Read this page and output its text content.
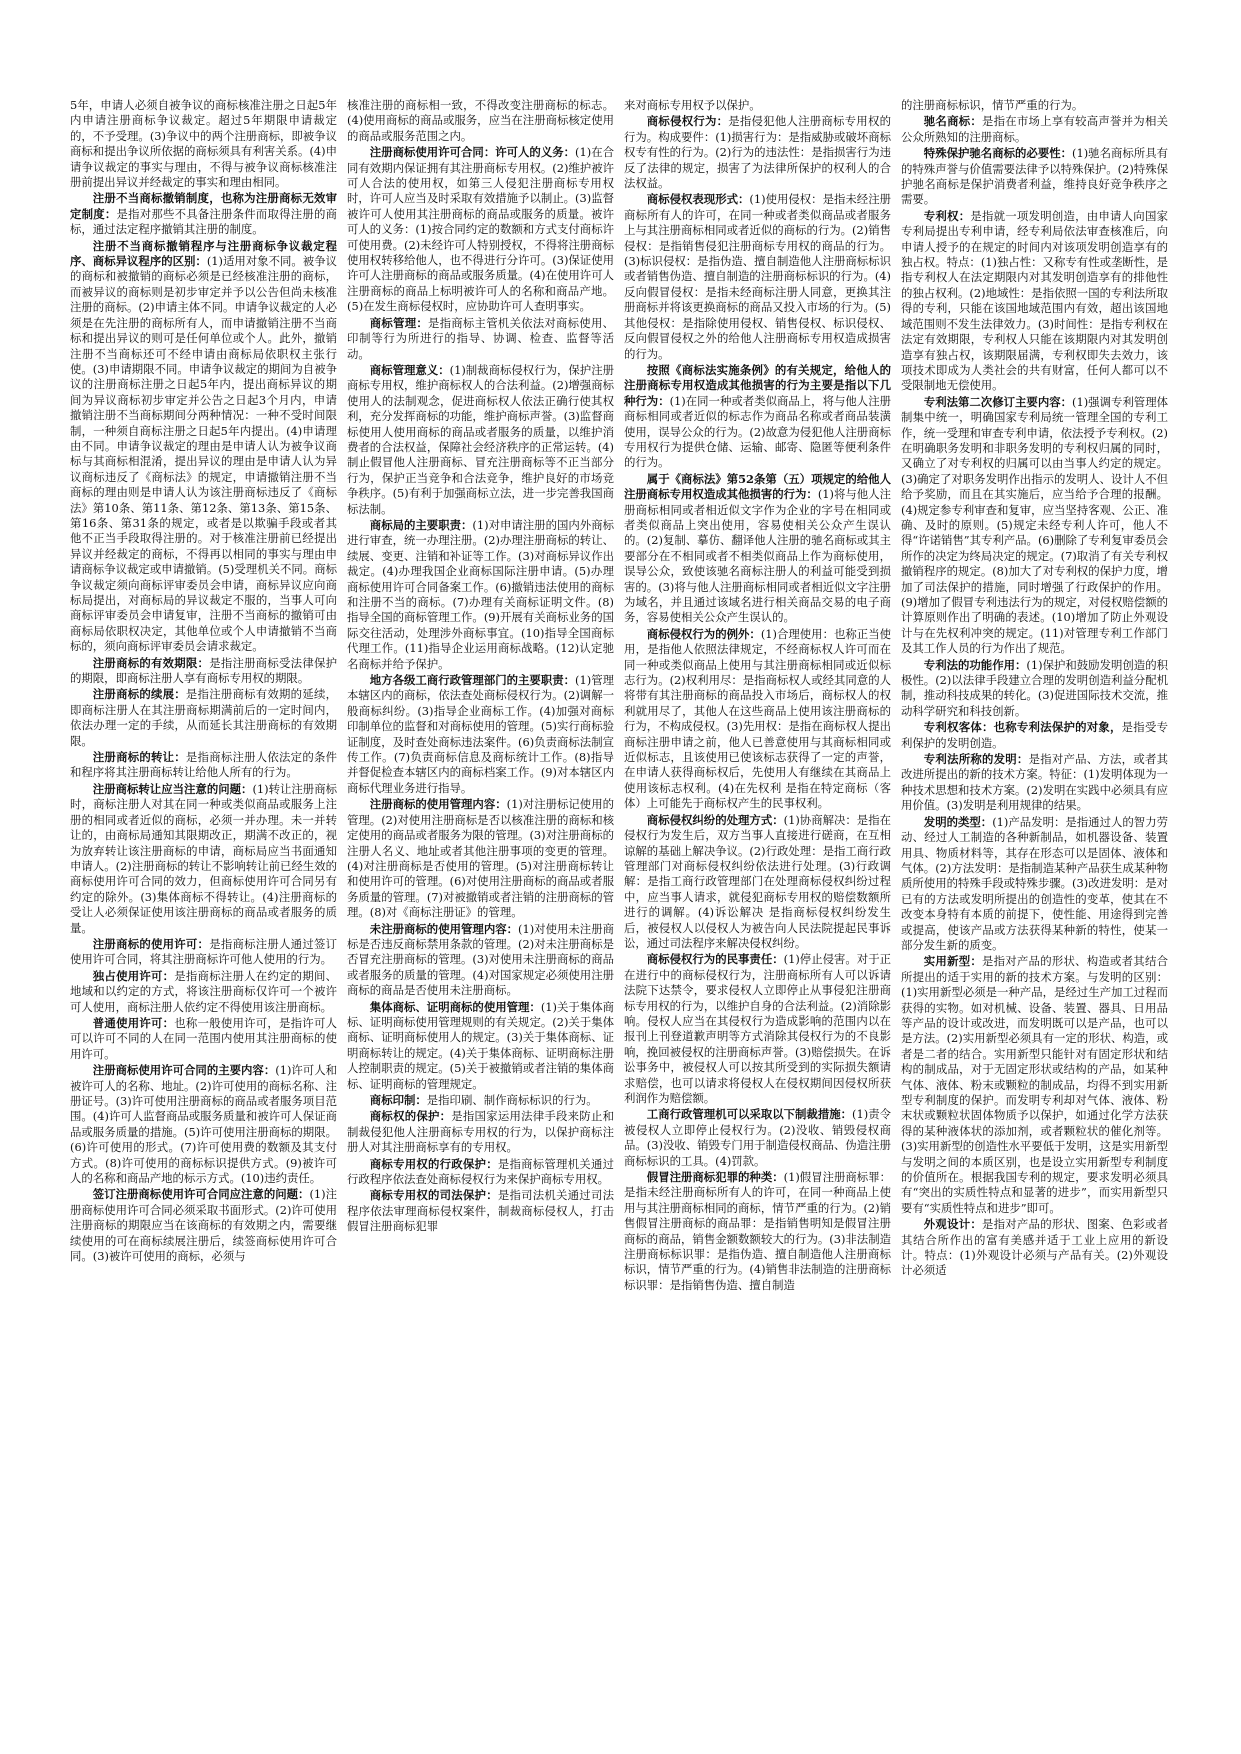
5年，申请人必须自被争议的商标核准注册之日起5年内申请注册商标争议裁定。超过5年期限申请裁定的，不予受理。(3)争议中的两个注册商标，即被争议商标和提出争议所依据的商标须具有利害关系。(4)申请争议裁定的事实与理由，不得与被争议商标核准注册前提出异议并经裁定的事实和理由相同。

注册不当商标撤销制度，也称为注册商标无效审定制度：是指对那些不具备注册条件而取得注册的商标，通过法定程序撤销其注册的制度。

注册不当商标撤销程序与注册商标争议裁定程序、商标异议程序的区别：(1)适用对象不同。被争议的商标和被撤销的商标必须是已经核准注册的商标，而被异议的商标则是初步审定并予以公告但尚未核准注册的商标。(2)申请主体不同。申请争议裁定的人必须是在先注册的商标所有人，而申请撤销注册不当商标和提出异议的则可是任何单位或个人。此外，撤销注册不当商标还可不经申请由商标局依职权主张行使。(3)申请期限不同。申请争议裁定的期间为自被争议的注册商标注册之日起5年内，提出商标异议的期间为异议商标初步审定并公告之日起3个月内，申请撤销注册不当商标期间分两种情况：一种不受时间限制，一种须自商标注册之日起5年内提出。(4)申请理由不同。申请争议裁定的理由是申请人认为被争议商标与其商标相混淆，提出异议的理由是申请人认为异议商标违反了《商标法》的规定，申请撤销注册不当商标的理由则是申请人认为该注册商标违反了《商标法》第10条、第11条、第12条、第13条、第15条、第16条、第31条的规定，或者是以欺骗手段或者其他不正当手段取得注册的。对于核准注册前已经提出异议并经裁定的商标，不得再以相同的事实与理由申请商标争议裁定或申请撤销。(5)受理机关不同。商标争议裁定须向商标评审委员会申请，商标异议应向商标局提出，对商标局的异议裁定不服的，当事人可向商标评审委员会申请复审，注册不当商标的撤销可由商标局依职权决定，其他单位或个人申请撤销不当商标的，须向商标评审委员会请求裁定。

注册商标的有效期限：是指注册商标受法律保护的期限，即商标注册人享有商标专用权的期限。

注册商标的续展：是指注册商标有效期的延续，即商标注册人在其注册商标期满前后的一定时间内，依法办理一定的手续，从而延长其注册商标的有效期限。

注册商标的转让：是指商标注册人依法定的条件和程序将其注册商标转让给他人所有的行为。

注册商标转让应当注意的问题：(1)转让注册商标时，商标注册人对其在同一种或类似商品或服务上注册的相同或者近似的商标，必须一并办理。未一并转让的，由商标局通知其限期改正，期满不改正的，视为放弃转让该注册商标的申请，商标局应当书面通知申请人。(2)注册商标的转让不影响转让前已经生效的商标使用许可合同的效力，但商标使用许可合同另有约定的除外。(3)集体商标不得转让。(4)注册商标的受让人必须保证使用该注册商标的商品或者服务的质量。

注册商标的使用许可：是指商标注册人通过签订使用许可合同，将其注册商标许可他人使用的行为。

独占使用许可：是指商标注册人在约定的期间、地域和以约定的方式，将该注册商标仅许可一个被许可人使用，商标注册人依约定不得使用该注册商标。

普通使用许可：也称一般使用许可，是指许可人可以许可不同的人在同一范围内使用其注册商标的使用许可。

注册商标使用许可合同的主要内容：(1)许可人和被许可人的名称、地址。(2)许可使用的商标名称、注册证号。(3)许可使用注册商标的商品或者服务项目范围。(4)许可人监督商品或服务质量和被许可人保证商品或服务质量的措施。(5)许可使用注册商标的期限。(6)许可使用的形式。(7)许可使用费的数额及其支付方式。(8)许可使用的商标标识提供方式。(9)被许可人的名称和商品产地的标示方式。(10)违约责任。

签订注册商标使用许可合同应注意的问题：(1)注册商标使用许可合同必须采取书面形式。(2)许可使用注册商标的期限应当在该商标的有效期之内，需要继续使用的可在商标续展注册后，续签商标使用许可合同。(3)被许可使用的商标，必须与

核准注册的商标相一致，不得改变注册商标的标志。(4)使用商标的商品或服务，应当在注册商标核定使用的商品或服务范围之内。

注册商标使用许可合同：许可人的义务：(1)在合同有效期内保证拥有其注册商标专用权。(2)维护被许可人合法的使用权，如第三人侵犯注册商标专用权时，许可人应当及时采取有效措施予以制止。(3)监督被许可人使用其注册商标的商品或服务的质量。被许可人的义务：(1)按合同约定的数额和方式支付商标许可使用费。(2)未经许可人特别授权，不得将注册商标使用权转移给他人，也不得进行分许可。(3)保证使用许可人注册商标的商品或服务质量。(4)在使用许可人注册商标的商品上标明被许可人的名称和商品产地。(5)在发生商标侵权时，应协助许可人查明事实。

商标管理：是指商标主管机关依法对商标使用、印制等行为所进行的指导、协调、检查、监督等活动。

商标管理意义：(1)制裁商标侵权行为，保护注册商标专用权，维护商标权人的合法利益。(2)增强商标使用人的法制观念，促进商标权人依法正确行使其权利，充分发挥商标的功能，维护商标声誉。(3)监督商标使用人使用商标的商品或者服务的质量，以维护消费者的合法权益，保障社会经济秩序的正常运转。(4)制止假冒他人注册商标、冒充注册商标等不正当部分行为，保护正当竞争和合法竞争，维护良好的市场竞争秩序。(5)有利于加强商标立法，进一步完善我国商标法制。

商标局的主要职责：(1)对申请注册的国内外商标进行审查，统一办理注册。(2)办理注册商标的转让、续展、变更、注销和补证等工作。(3)对商标异议作出裁定。(4)办理我国企业商标国际注册申请。(5)办理商标使用许可合同备案工作。(6)撤销违法使用的商标和注册不当的商标。(7)办理有关商标证明文件。(8)指导全国的商标管理工作。(9)开展有关商标业务的国际交往活动，处理涉外商标事宜。(10)指导全国商标代理工作。(11)指导企业运用商标战略。(12)认定驰名商标并给予保护。

地方各级工商行政管理部门的主要职责：(1)管理本辖区内的商标，依法查处商标侵权行为。(2)调解一般商标纠纷。(3)指导企业商标工作。(4)加强对商标印制单位的监督和对商标使用的管理。(5)实行商标验证制度，及时查处商标违法案件。(6)负责商标法制宣传工作。(7)负责商标信息及商标统计工作。(8)指导并督促检查本辖区内的商标档案工作。(9)对本辖区内商标代理业务进行指导。

注册商标的使用管理内容：(1)对注册标记使用的管理。(2)对使用注册商标是否以核准注册的商标和核定使用的商品或者服务为限的管理。(3)对注册商标的注册人名义、地址或者其他注册事项的变更的管理。(4)对注册商标是否使用的管理。(5)对注册商标转让和使用许可的管理。(6)对使用注册商标的商品或者服务质量的管理。(7)对被撤销或者注销的注册商标的管理。(8)对《商标注册证》的管理。

未注册商标的使用管理内容：(1)对使用未注册商标是否违反商标禁用条款的管理。(2)对未注册商标是否冒充注册商标的管理。(3)对使用未注册商标的商品或者服务的质量的管理。(4)对国家规定必须使用注册商标的商品是否使用未注册商标。

集体商标、证明商标的使用管理：(1)关于集体商标、证明商标使用管理规则的有关规定。(2)关于集体商标、证明商标使用人的规定。(3)关于集体商标、证明商标转让的规定。(4)关于集体商标、证明商标注册人控制职责的规定。(5)关于被撤销或者注销的集体商标、证明商标的管理规定。

商标印制：是指印刷、制作商标标识的行为。

商标权的保护：是指国家运用法律手段来防止和制裁侵犯他人注册商标专用权的行为，以保护商标注册人对其注册商标享有的专用权。

商标专用权的行政保护：是指商标管理机关通过行政程序依法查处商标侵权行为来保护商标专用权。

商标专用权的司法保护：是指司法机关通过司法程序依法审理商标侵权案件，制裁商标侵权人，打击假冒注册商标犯罪

来对商标专用权予以保护。

商标侵权行为：是指侵犯他人注册商标专用权的行为。构成要件：(1)损害行为：是指威胁或破坏商标权专有性的行为。(2)行为的违法性：是指损害行为违反了法律的规定，损害了为法律所保护的权利人的合法权益。

商标侵权表现形式：(1)使用侵权：是指未经注册商标所有人的许可，在同一种或者类似商品或者服务上与其注册商标相同或者近似的商标的行为。(2)销售侵权：是指销售侵犯注册商标专用权的商品的行为。(3)标识侵权：是指伪造、擅自制造他人注册商标标识或者销售伪造、擅自制造的注册商标标识的行为。(4)反向假冒侵权：是指未经商标注册人同意，更换其注册商标并将该更换商标的商品又投入市场的行为。(5)其他侵权：是指除使用侵权、销售侵权、标识侵权、反向假冒侵权之外的给他人注册商标专用权造成损害的行为。

按照《商标法实施条例》的有关规定，给他人的注册商标专用权造成其他损害的行为主要是指以下几种行为：(1)在同一种或者类似商品上，将与他人注册商标相同或者近似的标志作为商品名称或者商品装潢使用，误导公众的行为。(2)故意为侵犯他人注册商标专用权行为提供仓储、运输、邮寄、隐匿等便利条件的行为。

属于《商标法》第52条第（五）项规定的给他人注册商标专用权造成其他损害的行为：(1)将与他人注册商标相同或者相近似文字作为企业的字号在相同或者类似商品上突出使用，容易使相关公众产生误认的。(2)复制、摹仿、翻译他人注册的驰名商标或其主要部分在不相同或者不相类似商品上作为商标使用，误导公众，致使该驰名商标注册人的利益可能受到损害的。(3)将与他人注册商标相同或者相近似文字注册为域名，并且通过该域名进行相关商品交易的电子商务，容易使相关公众产生误认的。

商标侵权行为的例外：(1)合理使用：也称正当使用，是指他人依照法律规定，不经商标权人许可而在同一种或类似商品上使用与其注册商标相同或近似标志行为。(2)权利用尽：是指商标权人或经其同意的人将带有其注册商标的商品投入市场后，商标权人的权利就用尽了，其他人在这些商品上使用该注册商标的行为，不构成侵权。(3)先用权：是指在商标权人提出商标注册申请之前，他人已善意使用与其商标相同或近似标志，且该使用已使该标志获得了一定的声誉，在申请人获得商标权后，先使用人有继续在其商品上使用该标志权利。(4)在先权利 是指在特定商标（客体）上可能先于商标权产生的民事权利。

商标侵权纠纷的处理方式：(1)协商解决：是指在侵权行为发生后，双方当事人直接进行磋商，在互相谅解的基础上解决争议。(2)行政处理：是指工商行政管理部门对商标侵权纠纷依法进行处理。(3)行政调解：是指工商行政管理部门在处理商标侵权纠纷过程中，应当事人请求，就侵犯商标专用权的赔偿数额所进行的调解。(4)诉讼解决 是指商标侵权纠纷发生后，被侵权人以侵权人为被告向人民法院提起民事诉讼，通过司法程序来解决侵权纠纷。

商标侵权行为的民事责任：(1)停止侵害。对于正在进行中的商标侵权行为，注册商标所有人可以诉请法院下达禁令，要求侵权人立即停止从事侵犯注册商标专用权的行为，以维护自身的合法利益。(2)消除影响。侵权人应当在其侵权行为造成影响的范围内以在报刊上刊登道歉声明等方式消除其侵权行为的不良影响，挽回被侵权的注册商标声誉。(3)赔偿损失。在诉讼事务中，被侵权人可以按其所受到的实际损失额请求赔偿，也可以请求将侵权人在侵权期间因侵权所获利润作为赔偿额。

工商行政管理机可以采取以下制裁措施：(1)责令被侵权人立即停止侵权行为。(2)没收、销毁侵权商品。(3)没收、销毁专门用于制造侵权商品、伪造注册商标标识的工具。(4)罚款。

假冒注册商标犯罪的种类：(1)假冒注册商标罪：是指未经注册商标所有人的许可，在同一种商品上使用与其注册商标相同的商标，情节严重的行为。(2)销售假冒注册商标的商品罪：是指销售明知是假冒注册商标的商品，销售金额数额较大的行为。(3)非法制造注册商标标识罪：是指伪造、擅自制造他人注册商标标识，情节严重的行为。(4)销售非法制造的注册商标标识罪：是指销售伪造、擅自制造

的注册商标标识，情节严重的行为。

驰名商标：是指在市场上享有较高声誉并为相关公众所熟知的注册商标。

特殊保护驰名商标的必要性：(1)驰名商标所具有的特殊声誉与价值需要法律予以特殊保护。(2)特殊保护驰名商标是保护消费者利益，维持良好竞争秩序之需要。

专利权：是指就一项发明创造，由申请人向国家专利局提出专利申请，经专利局依法审查核准后，向申请人授予的在规定的时间内对该项发明创造享有的独占权。特点：(1)独占性：又称专有性或垄断性，是指专利权人在法定期限内对其发明创造享有的排他性的独占权利。(2)地域性：是指依照一国的专利法所取得的专利，只能在该国地域范围内有效，超出该国地域范围则不发生法律效力。(3)时间性：是指专利权在法定有效期限，专利权人只能在该期限内对其发明创造享有独占权，该期限届满，专利权即失去效力，该项技术即成为人类社会的共有财富，任何人都可以不受限制地无偿使用。

专利法第二次修订主要内容：(1)强调专利管理体制集中统一，明确国家专利局统一管理全国的专利工作，统一受理和审查专利申请，依法授予专利权。(2)在明确职务发明和非职务发明的专利权归属的同时，又确立了对专利权的归属可以由当事人约定的规定。(3)确定了对职务发明作出指示的发明人、设计人不但给予奖励，而且在其实施后，应当给予合理的报酬。(4)规定参专利审查和复审，应当坚持客观、公正、准确、及时的原则。(5)规定未经专利人许可，他人不得“许诺销售”其专利产品。(6)删除了专利复审委员会所作的决定为终局决定的规定。(7)取消了有关专利权撤销程序的规定。(8)加大了对专利权的保护力度，增加了司法保护的措施，同时增强了行政保护的作用。(9)增加了假冒专利违法行为的规定，对侵权赔偿额的计算原则作出了明确的表述。(10)增加了防止外观设计与在先权利冲突的规定。(11)对管理专利工作部门及其工作人员的行为作出了规范。

专利法的功能作用：(1)保护和鼓励发明创造的积极性。(2)以法律手段建立合理的发明创造利益分配机制，推动科技成果的转化。(3)促进国际技术交流，推动科学研究和科技创新。

专利权客体：也称专利法保护的对象，是指受专利保护的发明创造。

专利法所称的发明：是指对产品、方法，或者其改进所提出的新的技术方案。特征：(1)发明体现为一种技术思想和技术方案。(2)发明在实践中必须具有应用价值。(3)发明是利用规律的结果。

发明的类型：(1)产品发明：是指通过人的智力劳动、经过人工制造的各种新制品，如机器设备、装置用具、物质材料等，其存在形态可以是固体、液体和气体。(2)方法发明：是指制造某种产品获生成某种物质所使用的特殊手段或特殊步骤。(3)改进发明：是对已有的方法或发明所提出的创造性的变革，使其在不改变本身特有本质的前提下，使性能、用途得到完善或提高，使该产品或方法获得某种新的特性，使某一部分发生新的质变。

实用新型：是指对产品的形状、构造或者其结合所提出的适于实用的新的技术方案。与发明的区别：(1)实用新型必须是一种产品，是经过生产加工过程而获得的实物。如对机械、设备、装置、器具、日用品等产品的设计或改进，而发明既可以是产品，也可以是方法。(2)实用新型必须具有一定的形状、构造，或者是二者的结合。实用新型只能针对有固定形状和结构的制成品，对于无固定形状或结构的产品，如某种气体、液体、粉末或颗粒的制成品，均得不到实用新型专利制度的保护。而发明专利却对气体、液体、粉末状或颗粒状固体物质予以保护，如通过化学方法获得的某种液体状的添加剂，或者颗粒状的催化剂等。(3)实用新型的创造性水平要低于发明，这是实用新型与发明之间的本质区别，也是设立实用新型专利制度的价值所在。根据我国专利的规定，要求发明必须具有“突出的实质性特点和显著的进步”，而实用新型只要有“实质性特点和进步”即可。

外观设计：是指对产品的形状、图案、色彩或者其结合所作出的富有美感并适于工业上应用的新设计。特点：(1)外观设计必须与产品有关。(2)外观设计必须适
